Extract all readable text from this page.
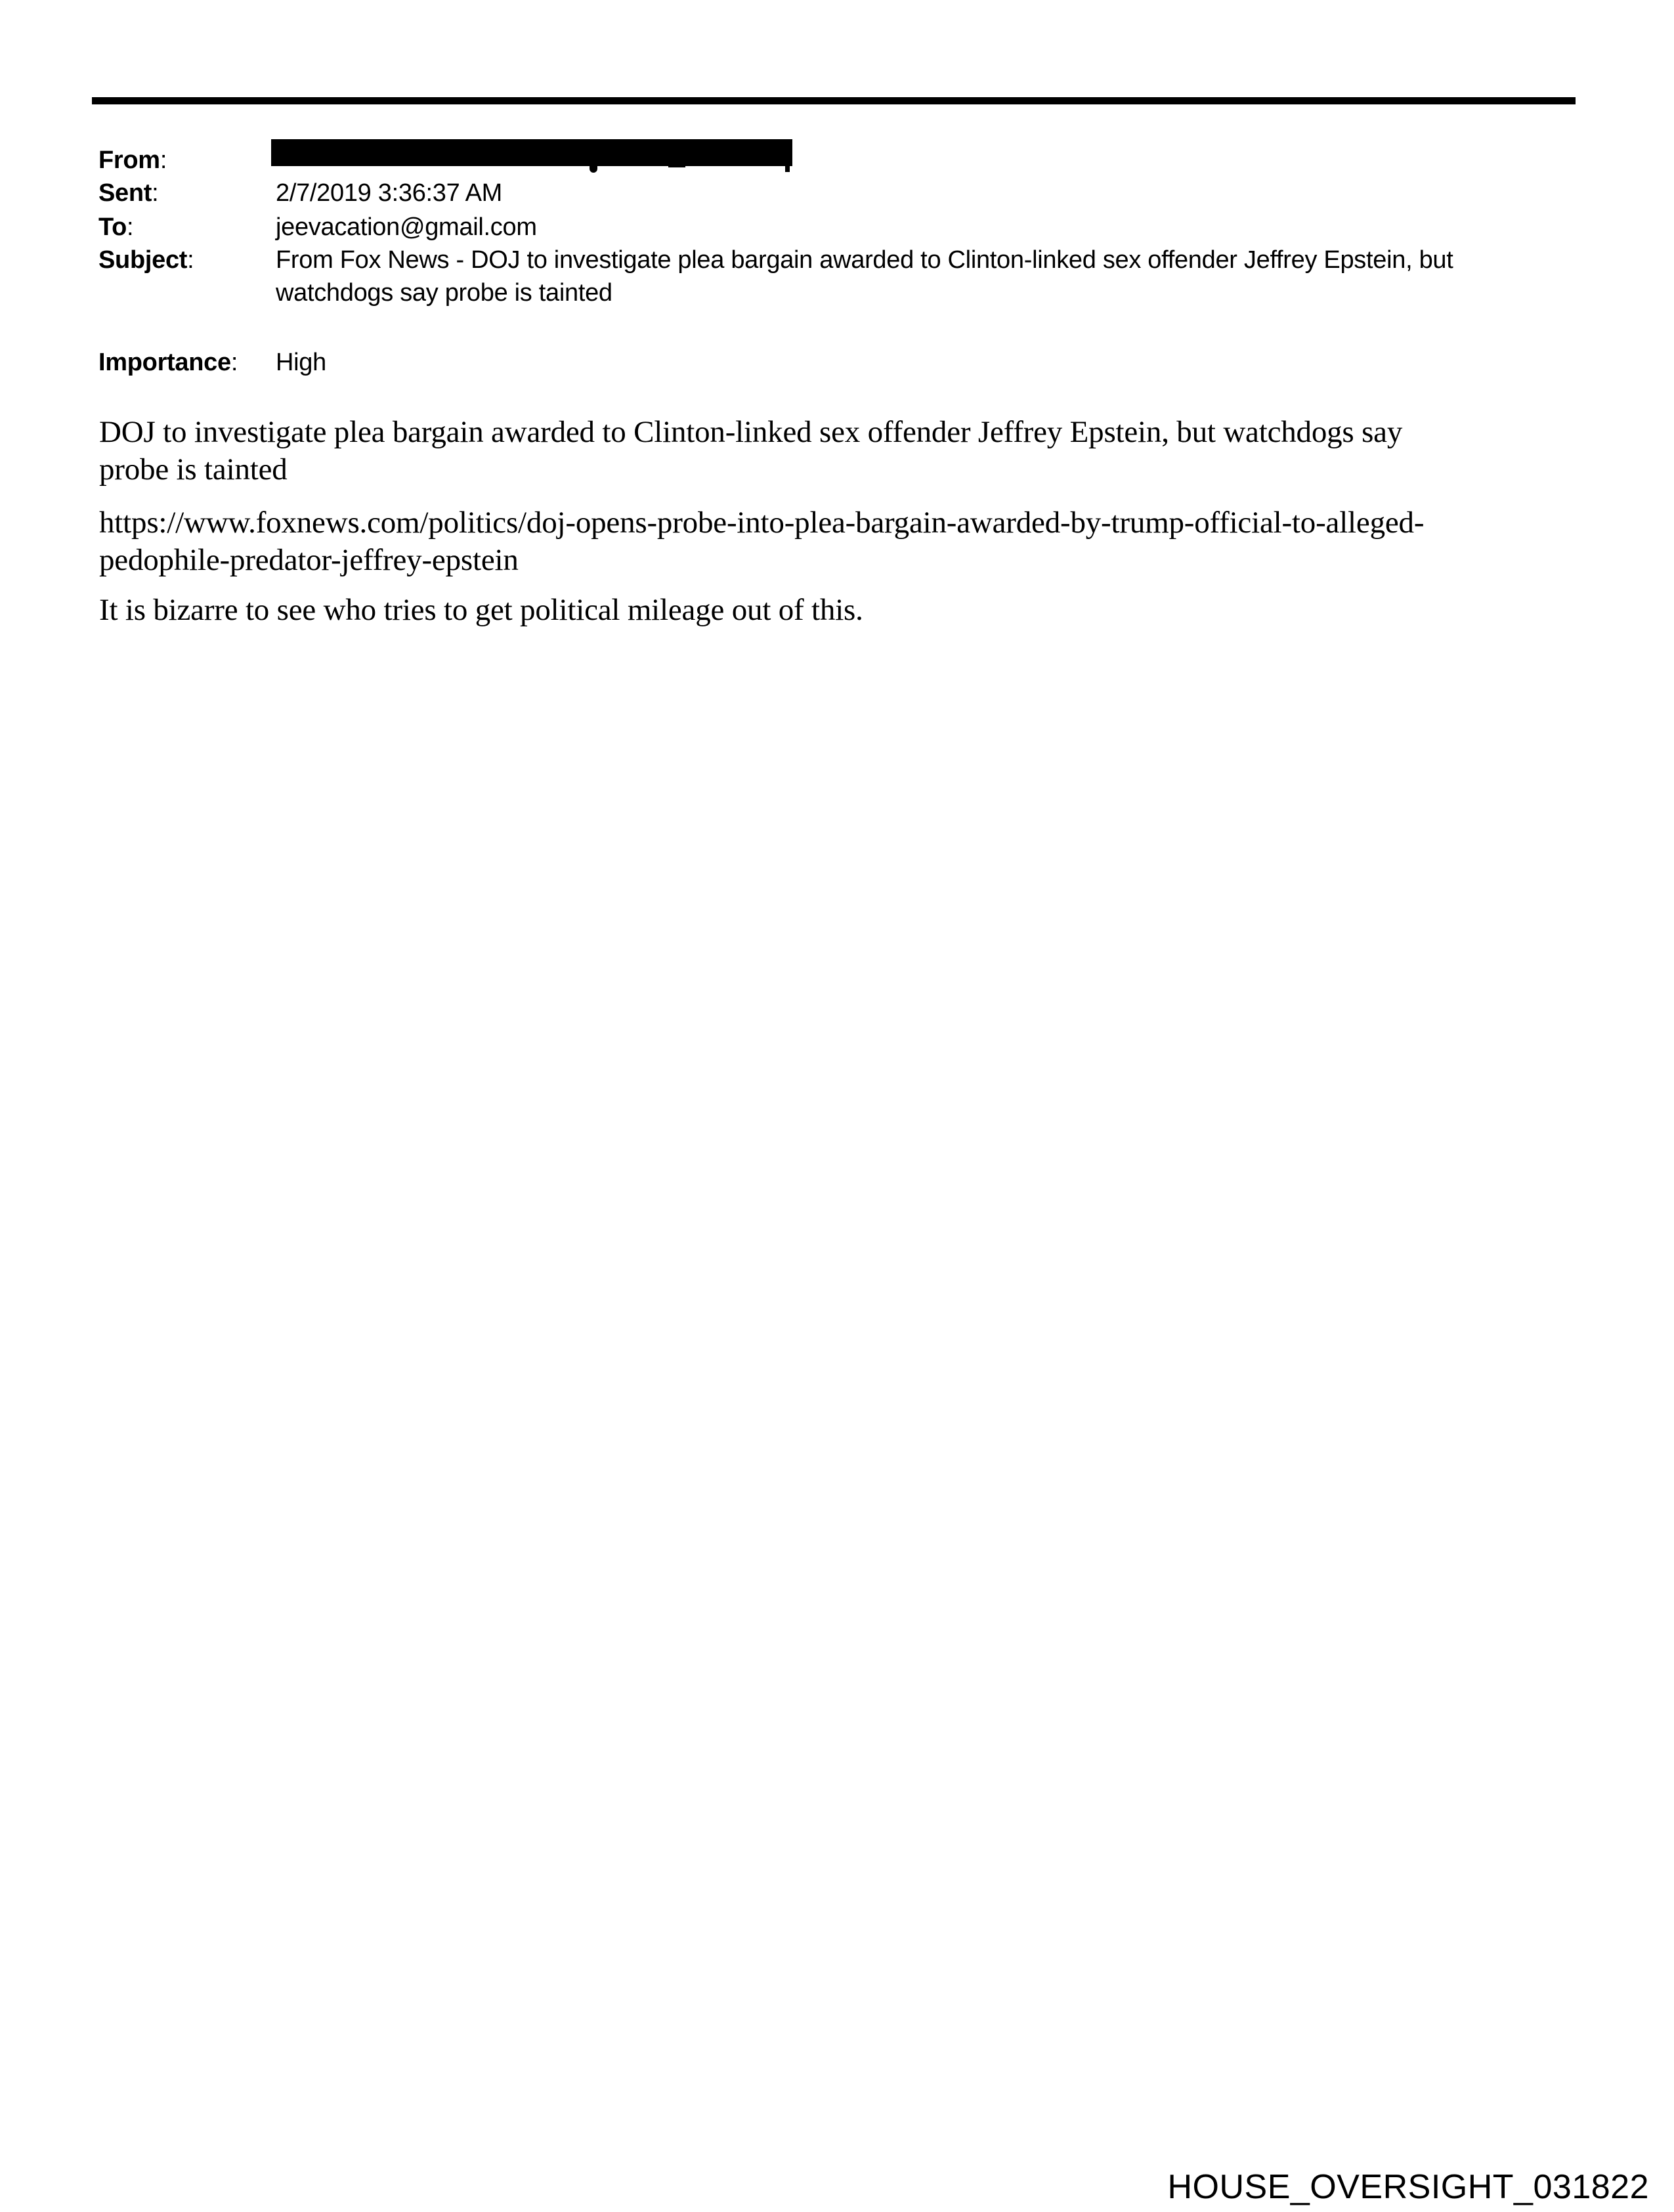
From:
Sent:	2/7/2019 3:36:37 AM
To:	jeevacation@gmail.com
Subject:	From Fox News - DOJ to investigate plea bargain awarded to Clinton-linked sex offender Jeffrey Epstein, but
watchdogs say probe is tainted
Importance: High
DOJ to investigate plea bargain awarded to Clinton-linked sex offender Jeffrey Epstein, but watchdogs say
probe is tainted
https://www.foxnews.com/politics/doj-opens-probe-into-plea-bargain-awarded-by-trump-official-to-alleged-
pedophile-predator-jeffrey-epstein
It is bizarre to see who tries to get political mileage out of this.
HOUSE_OVERSIGHT_031822
